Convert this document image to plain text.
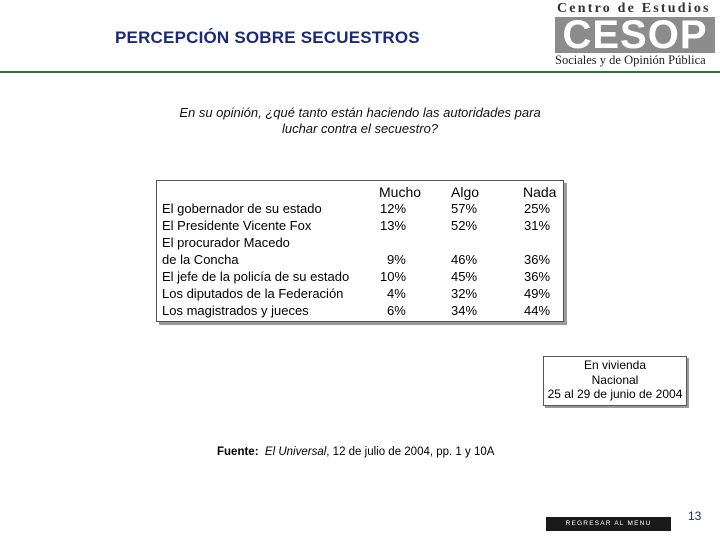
PERCEPCIÓN SOBRE SECUESTROS
Centro de Estudios
CESOP
Sociales y de Opinión Pública
En su opinión, ¿qué tanto están haciendo las autoridades para
luchar contra el secuestro?
Mucho Algo	Nada
El gobernador de su estado	12%	57%	25%
El Presidente Vicente Fox	13%	52%	31%
El procurador Macedo
de la Concha	9%	46%	36%
El jefe de la policía de su estado 10%	45%	36%
Los diputados de la Federación	4%	32%	49%
Los magistrados y jueces	6%	34%	44%
En vivienda
Nacional
25 al 29 de junio de 2004
Fuente: El Universal, 12 de julio de 2004, pp. 1 y 10A
REGRESAR AL MENU PRINCIPAL
13
